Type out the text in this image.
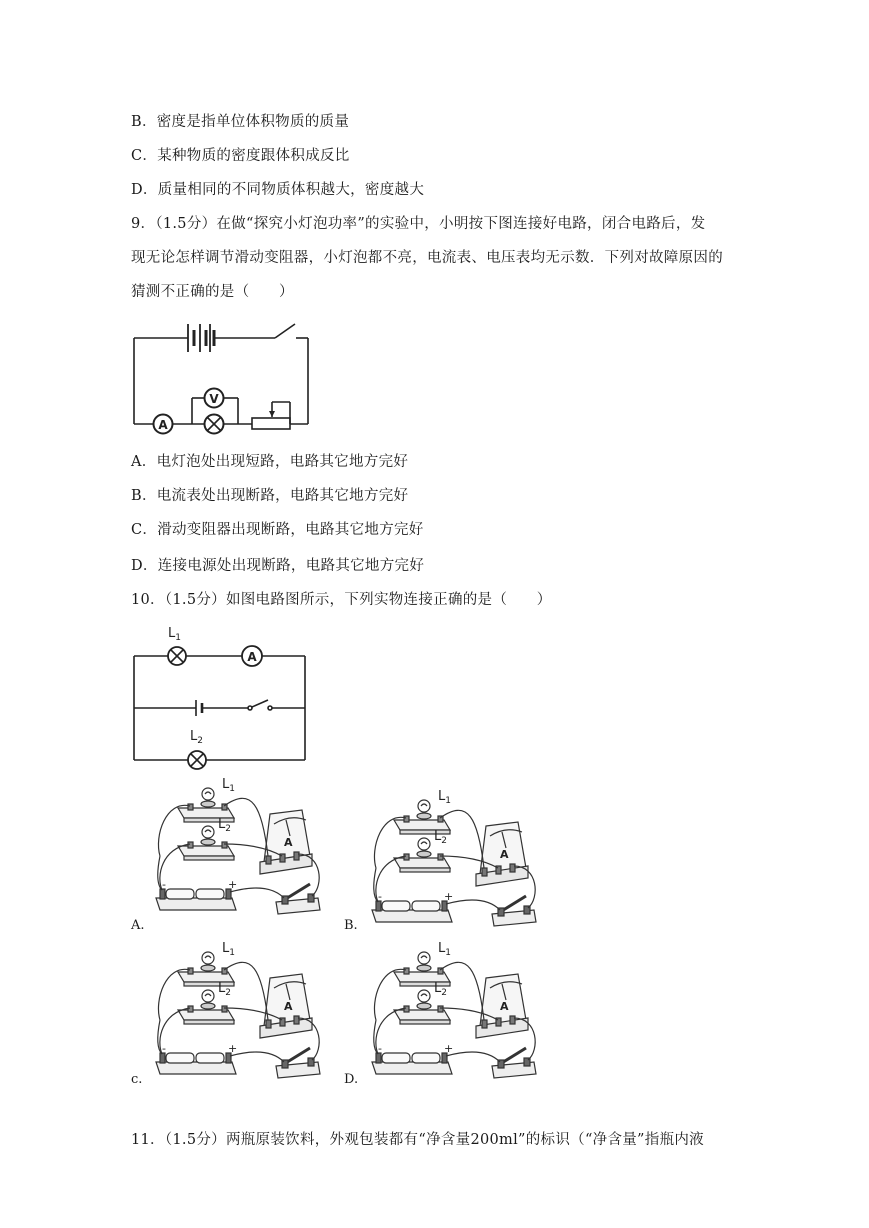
B．密度是指单位体积物质的质量
C．某种物质的密度跟体积成反比
D．质量相同的不同物质体积越大，密度越大
9．（1.5分）在做“探究小灯泡功率”的实验中，小明按下图连接好电路，闭合电路后，发
现无论怎样调节滑动变阻器，小灯泡都不亮，电流表、电压表均无示数．下列对故障原因的
猜测不正确的是（　　）
A
V
A．电灯泡处出现短路，电路其它地方完好
B．电流表处出现断路，电路其它地方完好
C．滑动变阻器出现断路，电路其它地方完好
D．连接电源处出现断路，电路其它地方完好
10．（1.5分）如图电路图所示，下列实物连接正确的是（　　）
A
$L_1$
$L_2$
A.
$L_1$
$L_2$
A
-	+
B.
$L_1$
$L_2$
A
-	+
c.
$L_1$
$L_2$
A
-	+
D.
$L_1$
$L_2$
A
-	+
11．（1.5分）两瓶原装饮料，外观包装都有“净含量200ml”的标识（“净含量”指瓶内液
